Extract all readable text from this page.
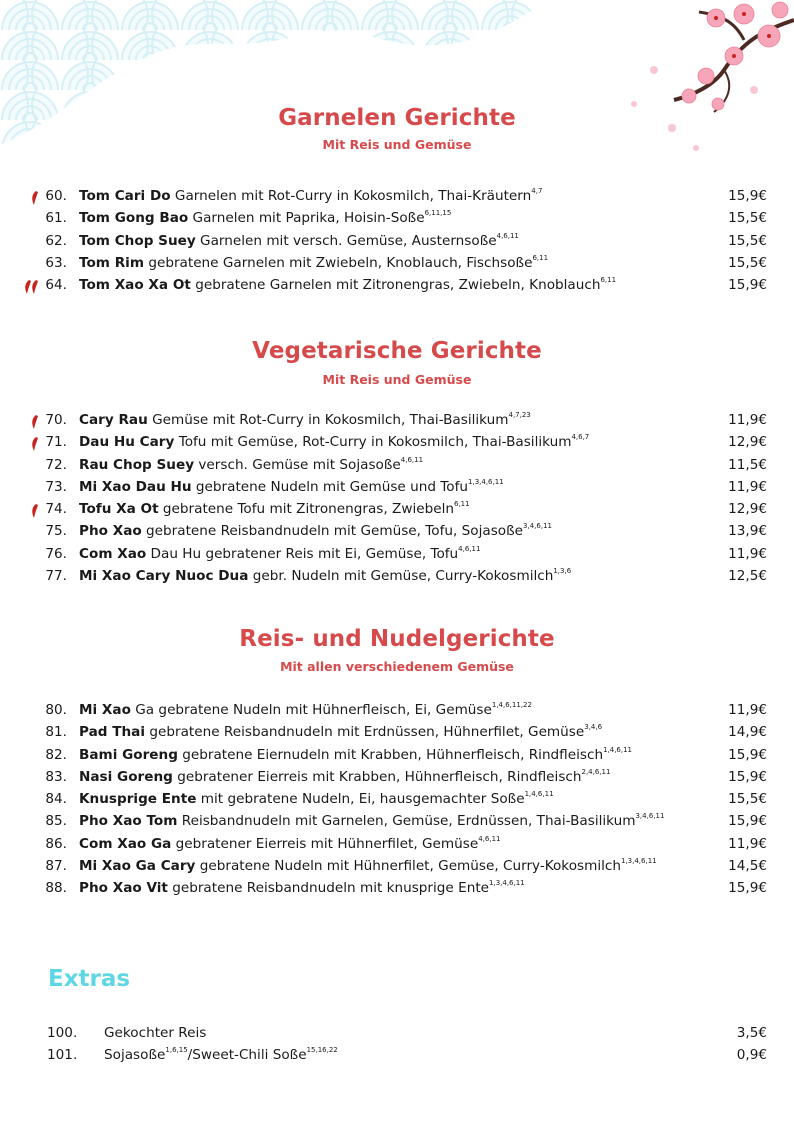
Garnelen Gerichte
Mit Reis und Gemüse
60. Tom Cari Do Garnelen mit Rot-Curry in Kokosmilch, Thai-Kräutern$^{4,7}$	15,9€
61. Tom Gong Bao Garnelen mit Paprika, Hoisin-Soße$^{6,11,15}$	15,5€
62. Tom Chop Suey Garnelen mit versch. Gemüse, Austernsoße$^{4,6,11}$	15,5€
63. Tom Rim gebratene Garnelen mit Zwiebeln, Knoblauch, Fischsoße$^{6,11}$	15,5€
64. Tom Xao Xa Ot gebratene Garnelen mit Zitronengras, Zwiebeln, Knoblauch$^{6,11}$	15,9€
Vegetarische Gerichte
Mit Reis und Gemüse
70. Cary Rau Gemüse mit Rot-Curry in Kokosmilch, Thai-Basilikum$^{4,7,23}$	11,9€
71. Dau Hu Cary Tofu mit Gemüse, Rot-Curry in Kokosmilch, Thai-Basilikum$^{4,6,7}$	12,9€
72. Rau Chop Suey versch. Gemüse mit Sojasoße$^{4,6,11}$	11,5€
73. Mi Xao Dau Hu gebratene Nudeln mit Gemüse und Tofu$^{1,3,4,6,11}$	11,9€
74. Tofu Xa Ot gebratene Tofu mit Zitronengras, Zwiebeln$^{6,11}$	12,9€
75. Pho Xao gebratene Reisbandnudeln mit Gemüse, Tofu, Sojasoße$^{3,4,6,11}$	13,9€
76. Com Xao Dau Hu gebratener Reis mit Ei, Gemüse, Tofu$^{4,6,11}$	11,9€
77. Mi Xao Cary Nuoc Dua gebr. Nudeln mit Gemüse, Curry-Kokosmilch$^{1,3,6}$	12,5€
Reis- und Nudelgerichte
Mit allen verschiedenem Gemüse
80. Mi Xao Ga gebratene Nudeln mit Hühnerfleisch, Ei, Gemüse$^{1,4,6,11,22}$	11,9€
81. Pad Thai gebratene Reisbandnudeln mit Erdnüssen, Hühnerfilet, Gemüse$^{3,4,6}$	14,9€
82. Bami Goreng gebratene Eiernudeln mit Krabben, Hühnerfleisch, Rindfleisch$^{1,4,6,11}$	15,9€
83. Nasi Goreng gebratener Eierreis mit Krabben, Hühnerfleisch, Rindfleisch$^{2,4,6,11}$	15,9€
84. Knusprige Ente mit gebratene Nudeln, Ei, hausgemachter Soße$^{1,4,6,11}$	15,5€
85. Pho Xao Tom Reisbandnudeln mit Garnelen, Gemüse, Erdnüssen, Thai-Basilikum$^{3,4,6,11}$	15,9€
86. Com Xao Ga gebratener Eierreis mit Hühnerfilet, Gemüse$^{4,6,11}$	11,9€
87. Mi Xao Ga Cary gebratene Nudeln mit Hühnerfilet, Gemüse, Curry-Kokosmilch$^{1,3,4,6,11}$	14,5€
88. Pho Xao Vit gebratene Reisbandnudeln mit knusprige Ente$^{1,3,4,6,11}$	15,9€
Extras
100. Gekochter Reis	3,5€
101. Sojasoße$^{1,6,15}$/Sweet-Chili Soße$^{15,16,22}$	0,9€
